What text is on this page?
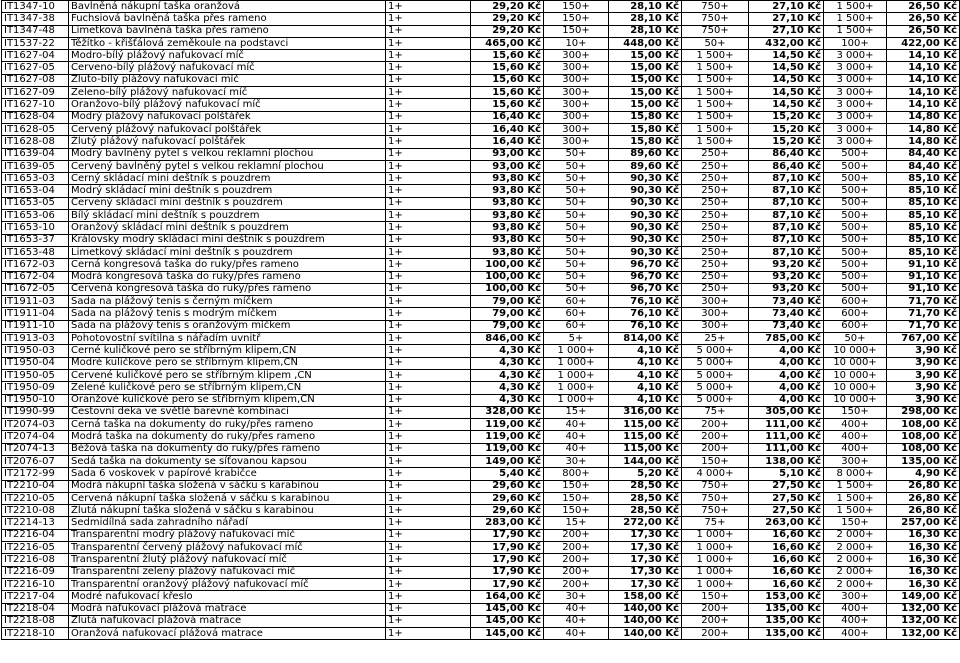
IT1347-10	Bavlněná nákupní taška oranžová	1+	29,20 Kč	150+	28,10 Kč	750+	27,10 Kč	1 500+	26,50 Kč
IT1347-38	Fuchsiová bavlněná taška přes rameno	1+	29,20 Kč	150+	28,10 Kč	750+	27,10 Kč	1 500+	26,50 Kč
IT1347-48	Limetková bavlněná taška přes rameno	1+	29,20 Kč	150+	28,10 Kč	750+	27,10 Kč	1 500+	26,50 Kč
IT1537-22	Těžítko - křišťálová zeměkoule na podstavci	1+	465,00 Kč	10+	448,00 Kč	50+	432,00 Kč	100+	422,00 Kč
IT1627-04	Modro-bílý plážový nafukovací míč	1+	15,60 Kč	300+	15,00 Kč	1 500+	14,50 Kč	3 000+	14,10 Kč
IT1627-05	Červeno-bílý plážový nafukovací míč	1+	15,60 Kč	300+	15,00 Kč	1 500+	14,50 Kč	3 000+	14,10 Kč
IT1627-08	Žluto-bílý plážový nafukovací míč	1+	15,60 Kč	300+	15,00 Kč	1 500+	14,50 Kč	3 000+	14,10 Kč
IT1627-09	Zeleno-bílý plážový nafukovací míč	1+	15,60 Kč	300+	15,00 Kč	1 500+	14,50 Kč	3 000+	14,10 Kč
IT1627-10	Oranžovo-bílý plážový nafukovací míč	1+	15,60 Kč	300+	15,00 Kč	1 500+	14,50 Kč	3 000+	14,10 Kč
IT1628-04	Modrý plážový nafukovací polštářek	1+	16,40 Kč	300+	15,80 Kč	1 500+	15,20 Kč	3 000+	14,80 Kč
IT1628-05	Červený plážový nafukovací polštářek	1+	16,40 Kč	300+	15,80 Kč	1 500+	15,20 Kč	3 000+	14,80 Kč
IT1628-08	Žlutý plážový nafukovací polštářek	1+	16,40 Kč	300+	15,80 Kč	1 500+	15,20 Kč	3 000+	14,80 Kč
IT1639-04	Modrý bavlněný pytel s velkou reklamní plochou	1+	93,00 Kč	50+	89,60 Kč	250+	86,40 Kč	500+	84,40 Kč
IT1639-05	Červený bavlněný pytel s velkou reklamní plochou	1+	93,00 Kč	50+	89,60 Kč	250+	86,40 Kč	500+	84,40 Kč
IT1653-03	Černý skládací mini deštník s pouzdrem	1+	93,80 Kč	50+	90,30 Kč	250+	87,10 Kč	500+	85,10 Kč
IT1653-04	Modrý skládací mini deštník s pouzdrem	1+	93,80 Kč	50+	90,30 Kč	250+	87,10 Kč	500+	85,10 Kč
IT1653-05	Červený skládací mini deštník s pouzdrem	1+	93,80 Kč	50+	90,30 Kč	250+	87,10 Kč	500+	85,10 Kč
IT1653-06	Bílý skládací mini deštník s pouzdrem	1+	93,80 Kč	50+	90,30 Kč	250+	87,10 Kč	500+	85,10 Kč
IT1653-10	Oranžový skládací mini deštník s pouzdrem	1+	93,80 Kč	50+	90,30 Kč	250+	87,10 Kč	500+	85,10 Kč
IT1653-37	Královsky modrý skládací mini deštník s pouzdrem	1+	93,80 Kč	50+	90,30 Kč	250+	87,10 Kč	500+	85,10 Kč
IT1653-48	Limetkový skládací mini deštník s pouzdrem	1+	93,80 Kč	50+	90,30 Kč	250+	87,10 Kč	500+	85,10 Kč
IT1672-03	Černá kongresová taška do ruky/přes rameno	1+	100,00 Kč	50+	96,70 Kč	250+	93,20 Kč	500+	91,10 Kč
IT1672-04	Modrá kongresová taška do ruky/přes rameno	1+	100,00 Kč	50+	96,70 Kč	250+	93,20 Kč	500+	91,10 Kč
IT1672-05	Červená kongresová taška do ruky/přes rameno	1+	100,00 Kč	50+	96,70 Kč	250+	93,20 Kč	500+	91,10 Kč
IT1911-03	Sada na plážový tenis s černým míčkem	1+	79,00 Kč	60+	76,10 Kč	300+	73,40 Kč	600+	71,70 Kč
IT1911-04	Sada na plážový tenis s modrým míčkem	1+	79,00 Kč	60+	76,10 Kč	300+	73,40 Kč	600+	71,70 Kč
IT1911-10	Sada na plážový tenis s oranžovým míčkem	1+	79,00 Kč	60+	76,10 Kč	300+	73,40 Kč	600+	71,70 Kč
IT1913-03	Pohotovostní svítilna s nářadím uvnitř	1+	846,00 Kč	5+	814,00 Kč	25+	785,00 Kč	50+	767,00 Kč
IT1950-03	Černé kuličkové pero se stříbrným klipem,ČN	1+	4,30 Kč	1 000+	4,10 Kč	5 000+	4,00 Kč	10 000+	3,90 Kč
IT1950-04	Modré kuličkové pero se stříbrným klipem,ČN	1+	4,30 Kč	1 000+	4,10 Kč	5 000+	4,00 Kč	10 000+	3,90 Kč
IT1950-05	Červené kuličkové pero se stříbrným klipem ,ČN	1+	4,30 Kč	1 000+	4,10 Kč	5 000+	4,00 Kč	10 000+	3,90 Kč
IT1950-09	Zelené kuličkové pero se stříbrným klipem,ČN	1+	4,30 Kč	1 000+	4,10 Kč	5 000+	4,00 Kč	10 000+	3,90 Kč
IT1950-10	Oranžové kuličkové pero se stříbrným klipem,ČN	1+	4,30 Kč	1 000+	4,10 Kč	5 000+	4,00 Kč	10 000+	3,90 Kč
IT1990-99	Cestovní deka ve světlé barevné kombinaci	1+	328,00 Kč	15+	316,00 Kč	75+	305,00 Kč	150+	298,00 Kč
IT2074-03	Černá taška na dokumenty do ruky/přes rameno	1+	119,00 Kč	40+	115,00 Kč	200+	111,00 Kč	400+	108,00 Kč
IT2074-04	Modrá taška na dokumenty do ruky/přes rameno	1+	119,00 Kč	40+	115,00 Kč	200+	111,00 Kč	400+	108,00 Kč
IT2074-13	Béžová taška na dokumenty do ruky/přes rameno	1+	119,00 Kč	40+	115,00 Kč	200+	111,00 Kč	400+	108,00 Kč
IT2076-07	Šedá taška na dokumenty se síťovanou kapsou	1+	149,00 Kč	30+	144,00 Kč	150+	138,00 Kč	300+	135,00 Kč
IT2172-99	Sada 6 voskovek v papírové krabičce	1+	5,40 Kč	800+	5,20 Kč	4 000+	5,10 Kč	8 000+	4,90 Kč
IT2210-04	Modrá nákupní taška složená v sáčku s karabinou	1+	29,60 Kč	150+	28,50 Kč	750+	27,50 Kč	1 500+	26,80 Kč
IT2210-05	Červená nákupní taška složená v sáčku s karabinou	1+	29,60 Kč	150+	28,50 Kč	750+	27,50 Kč	1 500+	26,80 Kč
IT2210-08	Žlutá nákupní taška složená v sáčku s karabinou	1+	29,60 Kč	150+	28,50 Kč	750+	27,50 Kč	1 500+	26,80 Kč
IT2214-13	Sedmidílná sada zahradního nářadí	1+	283,00 Kč	15+	272,00 Kč	75+	263,00 Kč	150+	257,00 Kč
IT2216-04	Transparentní modrý plážový nafukovací míč	1+	17,90 Kč	200+	17,30 Kč	1 000+	16,60 Kč	2 000+	16,30 Kč
IT2216-05	Transparentní červený plážový nafukovací míč	1+	17,90 Kč	200+	17,30 Kč	1 000+	16,60 Kč	2 000+	16,30 Kč
IT2216-08	Transparentní žlutý plážový nafukovací míč	1+	17,90 Kč	200+	17,30 Kč	1 000+	16,60 Kč	2 000+	16,30 Kč
IT2216-09	Transparentní zelený plážový nafukovací míč	1+	17,90 Kč	200+	17,30 Kč	1 000+	16,60 Kč	2 000+	16,30 Kč
IT2216-10	Transparentní oranžový plážový nafukovací míč	1+	17,90 Kč	200+	17,30 Kč	1 000+	16,60 Kč	2 000+	16,30 Kč
IT2217-04	Modré nafukovací křeslo	1+	164,00 Kč	30+	158,00 Kč	150+	153,00 Kč	300+	149,00 Kč
IT2218-04	Modrá nafukovací plážová matrace	1+	145,00 Kč	40+	140,00 Kč	200+	135,00 Kč	400+	132,00 Kč
IT2218-08	Žlutá nafukovací plážová matrace	1+	145,00 Kč	40+	140,00 Kč	200+	135,00 Kč	400+	132,00 Kč
IT2218-10	Oranžová nafukovací plážová matrace	1+	145,00 Kč	40+	140,00 Kč	200+	135,00 Kč	400+	132,00 Kč
